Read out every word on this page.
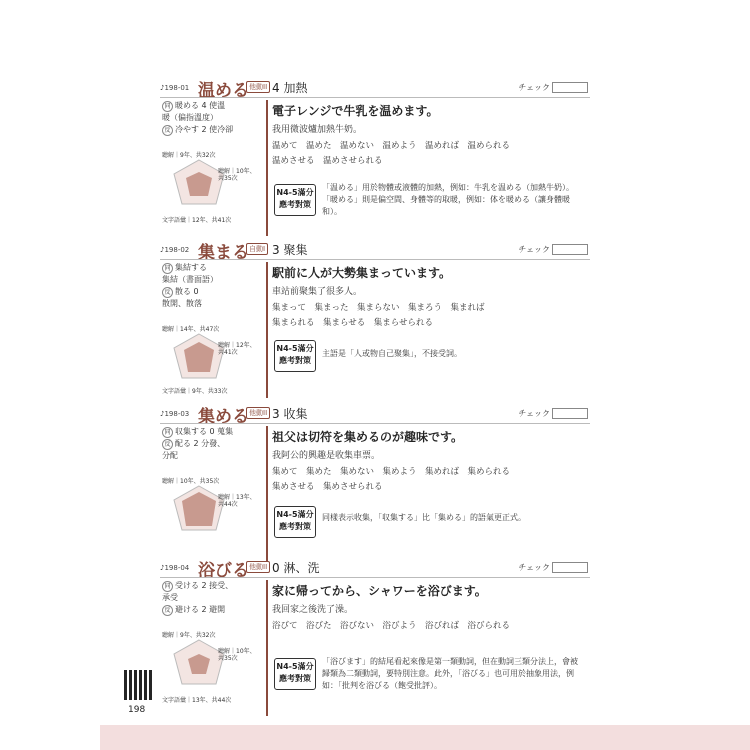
♪198-01 温める 他動II 4 加熱	チェック
同 暖める 4 使溫
暖（偏指溫度）
反 冷やす 2 使冷卻
聽解｜9年、共32次
聽解｜10年、共35次
文字語彙｜12年、共41次
電子レンジで牛乳を温めます。
我用微波爐加熱牛奶。
温めて　温めた　温めない　温めよう　温めれば　温められる
温めさせる　温めさせられる
N4-5滿分 應考對策
「温める」用於物體或液體的加熱，例如：牛乳を温める（加熱牛奶）。「暖める」則是偏空間、身體等的取暖，例如：体を暖める（讓身體暖和）。
♪198-02 集まる 自動I 3 聚集	チェック
同 集結する
集結（書面語）
反 散る 0
散開、散落
聽解｜14年、共47次
聽解｜12年、共41次
文字語彙｜9年、共33次
駅前に人が大勢集まっています。
車站前聚集了很多人。
集まって　集まった　集まらない　集まろう　集まれば
集まられる　集まらせる　集まらせられる
N4-5滿分 應考對策
主語是「人或物自己聚集」，不接受詞。
♪198-03 集める 他動II 3 收集	チェック
同 収集する 0 蒐集
反 配る 2 分發、
分配
聽解｜10年、共35次
聽解｜13年、共44次
祖父は切符を集めるのが趣味です。
我阿公的興趣是收集車票。
集めて　集めた　集めない　集めよう　集めれば　集められる
集めさせる　集めさせられる
N4-5滿分 應考對策
同樣表示收集，「収集する」比「集める」的語氣更正式。
♪198-04 浴びる 他動II 0 淋、洗	チェック
同 受ける 2 接受、
承受
反 避ける 2 避開
聽解｜9年、共32次
聽解｜10年、共35次
文字語彙｜13年、共44次
家に帰ってから、シャワーを浴びます。
我回家之後洗了澡。
浴びて　浴びた　浴びない　浴びよう　浴びれば　浴びられる
N4-5滿分 應考對策
「浴びます」的結尾看起來像是第一類動詞，但在動詞三類分法上，會被歸類為二類動詞，要特別注意。此外，「浴びる」也可用於抽象用法，例如：「批判を浴びる（飽受批評）。
198
